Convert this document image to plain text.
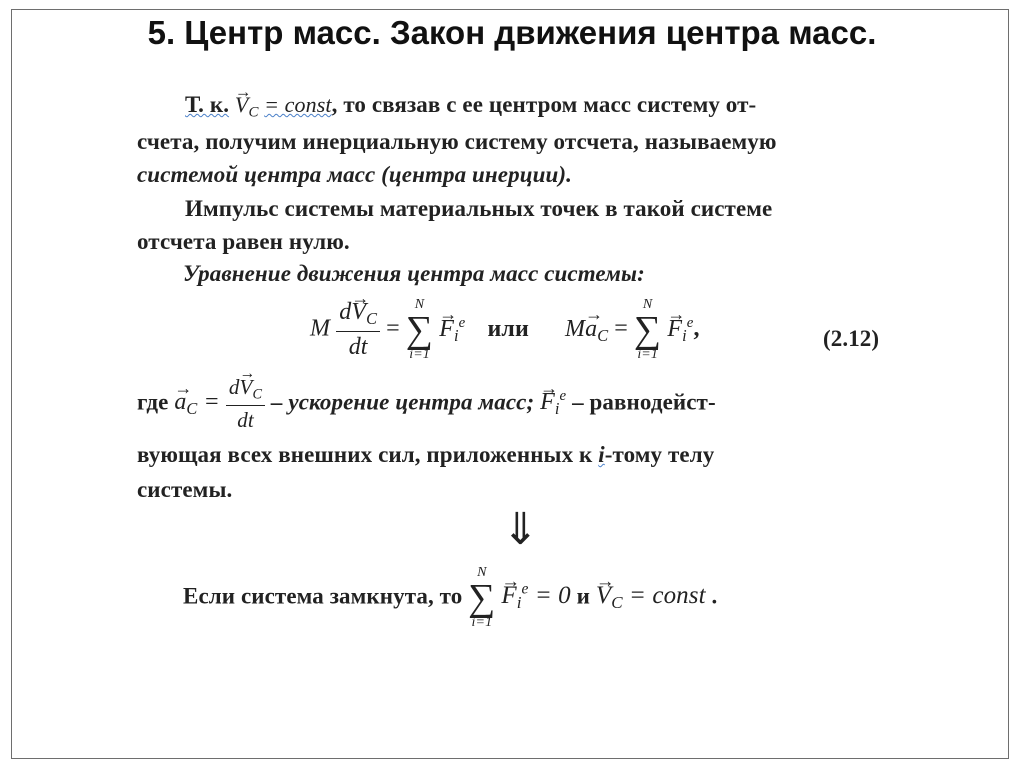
5. Центр масс. Закон движения центра масс.
Т. к. → $V_C$ = const, то связав с ее центром масс систему от-
счета, получим инерциальную систему отсчета, называемую
системой центра масс (центра инерции).
Импульс системы материальных точек в такой системе
отсчета равен нулю.
Уравнение движения центра масс системы:
M $\frac{d\to V_C}{dt}$ =
N
∑
i=1
→ $F_i^e$ или $M\to a_C$ =
N
∑
i=1
→ $F_i^e$,	(2.12)
где → $a_C = \frac{d\to V_C}{dt}$ – ускорение центра масс; → $F_i^e$ – равнодейст-
вующая всех внешних сил, приложенных к i-тому телу
системы.
⇓
Если система замкнута, то
N
∑
i=1
→ $F_i^e = 0$ $и \to V_C$ = const .
